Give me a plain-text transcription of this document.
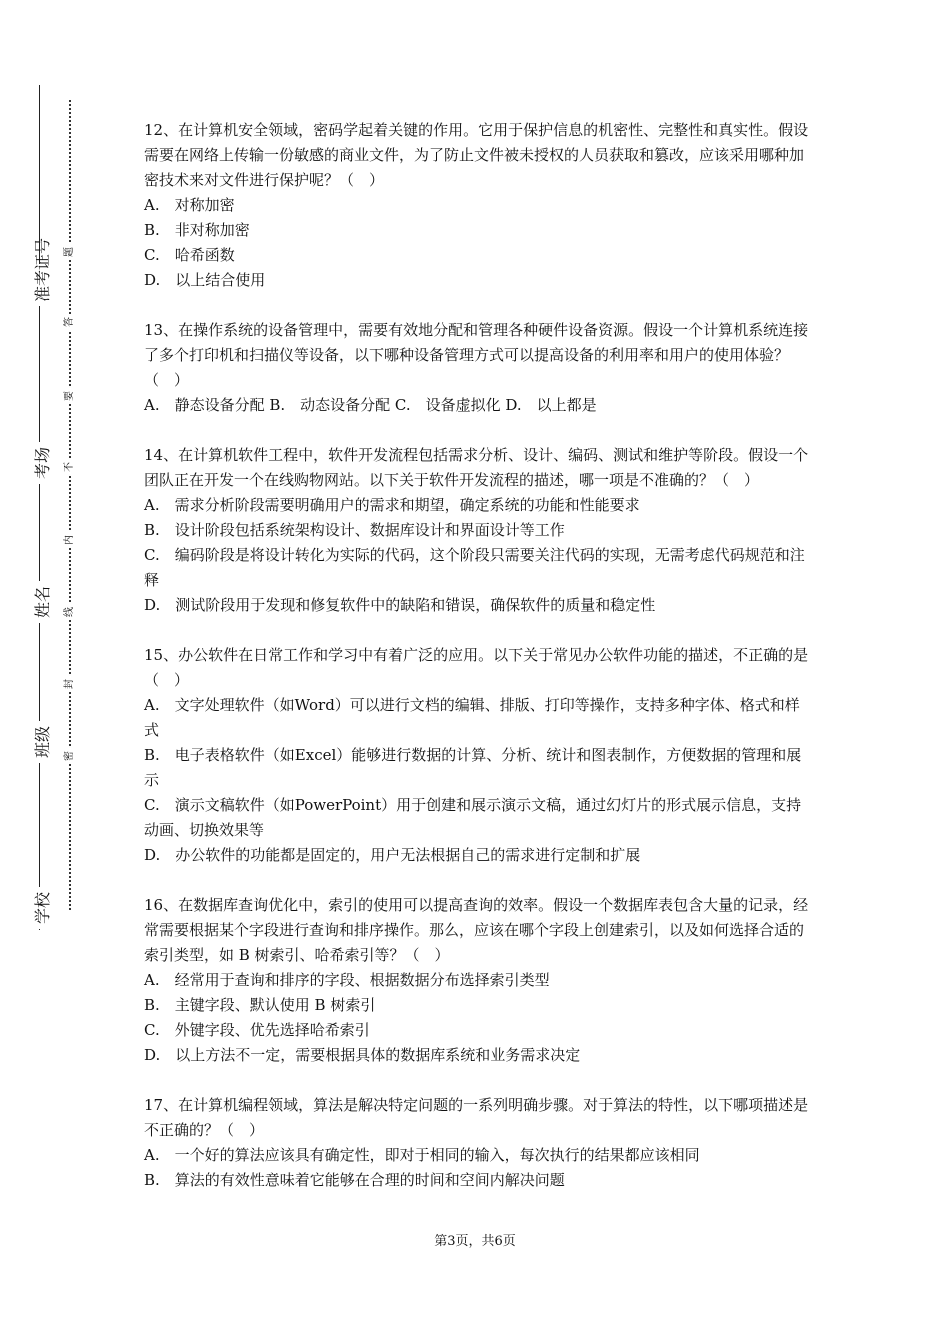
准考证号
考场
姓名
班级
学校
题
答
要
不
内
线
封
密

12、在计算机安全领域，密码学起着关键的作用。它用于保护信息的机密性、完整性和真实性。假设需要在网络上传输一份敏感的商业文件，为了防止文件被未授权的人员获取和篡改，应该采用哪种加密技术来对文件进行保护呢？（　）

A.　对称加密

B.　非对称加密

C.　哈希函数

D.　以上结合使用

13、在操作系统的设备管理中，需要有效地分配和管理各种硬件设备资源。假设一个计算机系统连接了多个打印机和扫描仪等设备，以下哪种设备管理方式可以提高设备的利用率和用户的使用体验？（　）

A.　静态设备分配 B.　动态设备分配 C.　设备虚拟化 D.　以上都是

14、在计算机软件工程中，软件开发流程包括需求分析、设计、编码、测试和维护等阶段。假设一个团队正在开发一个在线购物网站。以下关于软件开发流程的描述，哪一项是不准确的？（　）

A.　需求分析阶段需要明确用户的需求和期望，确定系统的功能和性能要求

B.　设计阶段包括系统架构设计、数据库设计和界面设计等工作

C.　编码阶段是将设计转化为实际的代码，这个阶段只需要关注代码的实现，无需考虑代码规范和注释

D.　测试阶段用于发现和修复软件中的缺陷和错误，确保软件的质量和稳定性

15、办公软件在日常工作和学习中有着广泛的应用。以下关于常见办公软件功能的描述，不正确的是（　）

A.　文字处理软件（如Word）可以进行文档的编辑、排版、打印等操作，支持多种字体、格式和样式

B.　电子表格软件（如Excel）能够进行数据的计算、分析、统计和图表制作，方便数据的管理和展示

C.　演示文稿软件（如PowerPoint）用于创建和展示演示文稿，通过幻灯片的形式展示信息，支持动画、切换效果等

D.　办公软件的功能都是固定的，用户无法根据自己的需求进行定制和扩展

16、在数据库查询优化中，索引的使用可以提高查询的效率。假设一个数据库表包含大量的记录，经常需要根据某个字段进行查询和排序操作。那么，应该在哪个字段上创建索引，以及如何选择合适的索引类型，如 B 树索引、哈希索引等？（　）

A.　经常用于查询和排序的字段、根据数据分布选择索引类型

B.　主键字段、默认使用 B 树索引

C.　外键字段、优先选择哈希索引

D.　以上方法不一定，需要根据具体的数据库系统和业务需求决定

17、在计算机编程领域，算法是解决特定问题的一系列明确步骤。对于算法的特性，以下哪项描述是不正确的？（　）

A.　一个好的算法应该具有确定性，即对于相同的输入，每次执行的结果都应该相同

B.　算法的有效性意味着它能够在合理的时间和空间内解决问题

第3页，共6页
